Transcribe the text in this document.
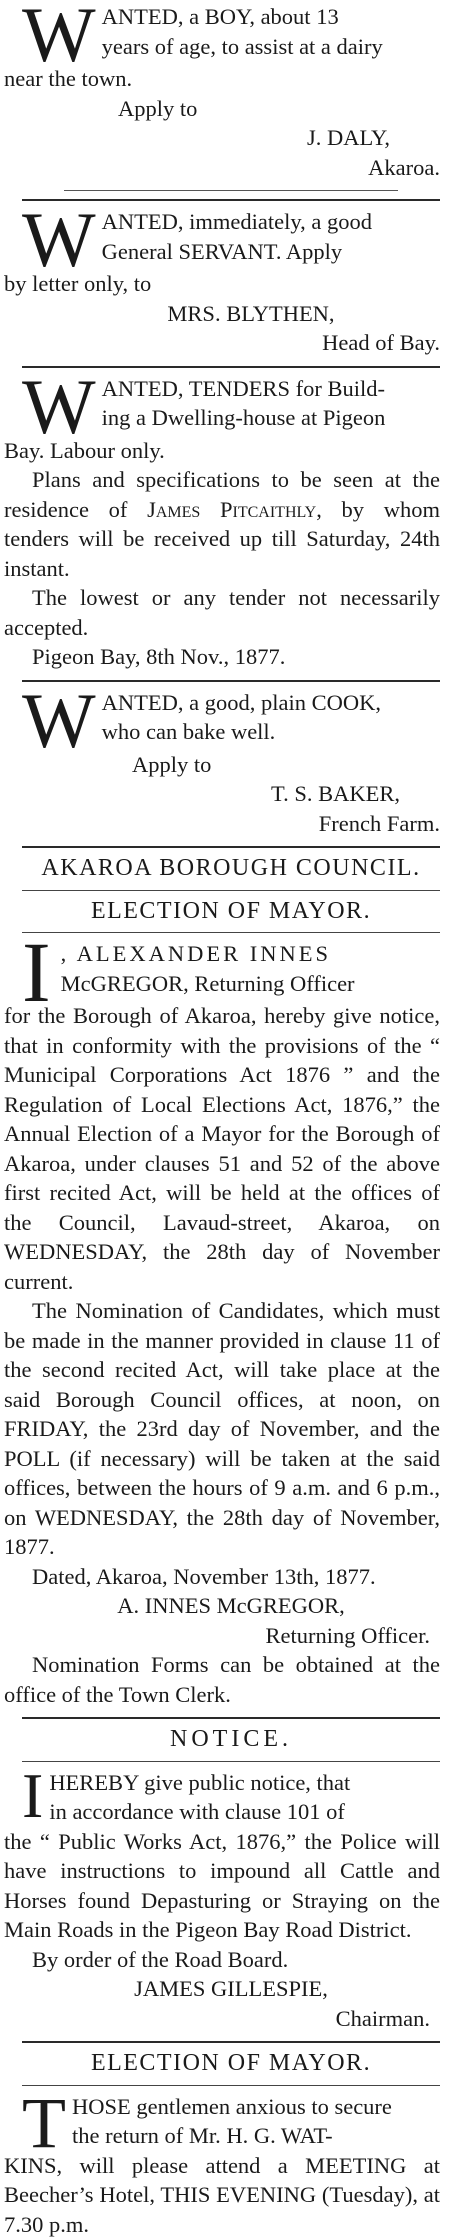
W ANTED, a BOY, about 13

years of age, to assist at a dairy

near the town.

Apply to

J. DALY,

Akaroa.

W ANTED, immediately, a good

General SERVANT. Apply

by letter only, to

MRS. BLYTHEN,

Head of Bay.

W ANTED, TENDERS for Build-

ing a Dwelling-house at Pigeon

Bay. Labour only.

Plans and specifications to be seen at the residence of James Pitcaithly, by whom tenders will be received up till Saturday, 24th instant.

The lowest or any tender not necessarily accepted.

Pigeon Bay, 8th Nov., 1877.

W ANTED, a good, plain COOK,

who can bake well.

Apply to

T. S. BAKER,

French Farm.

AKAROA BOROUGH COUNCIL.
ELECTION OF MAYOR.
I , ALEXANDER INNES

McGREGOR, Returning Officer

for the Borough of Akaroa, hereby give notice, that in conformity with the provisions of the “ Municipal Corporations Act 1876 ” and the Regulation of Local Elections Act, 1876,” the Annual Election of a Mayor for the Borough of Akaroa, under clauses 51 and 52 of the above first recited Act, will be held at the offices of the Council, Lavaud-street, Akaroa, on WEDNESDAY, the 28th day of November current.

The Nomination of Candidates, which must be made in the manner provided in clause 11 of the second recited Act, will take place at the said Borough Council offices, at noon, on FRIDAY, the 23rd day of November, and the POLL (if necessary) will be taken at the said offices, between the hours of 9 a.m. and 6 p.m., on WEDNESDAY, the 28th day of November, 1877.

Dated, Akaroa, November 13th, 1877.

A. INNES McGREGOR,

Returning Officer.

Nomination Forms can be obtained at the office of the Town Clerk.

NOTICE.
I HEREBY give public notice, that

in accordance with clause 101 of

the “ Public Works Act, 1876,” the Police will have instructions to impound all Cattle and Horses found Depasturing or Straying on the Main Roads in the Pigeon Bay Road District.

By order of the Road Board.

JAMES GILLESPIE,

Chairman.

ELECTION OF MAYOR.
T HOSE gentlemen anxious to secure

the return of Mr. H. G. WAT-

KINS, will please attend a MEETING at Beecher’s Hotel, THIS EVENING (Tuesday), at 7.30 p.m.
